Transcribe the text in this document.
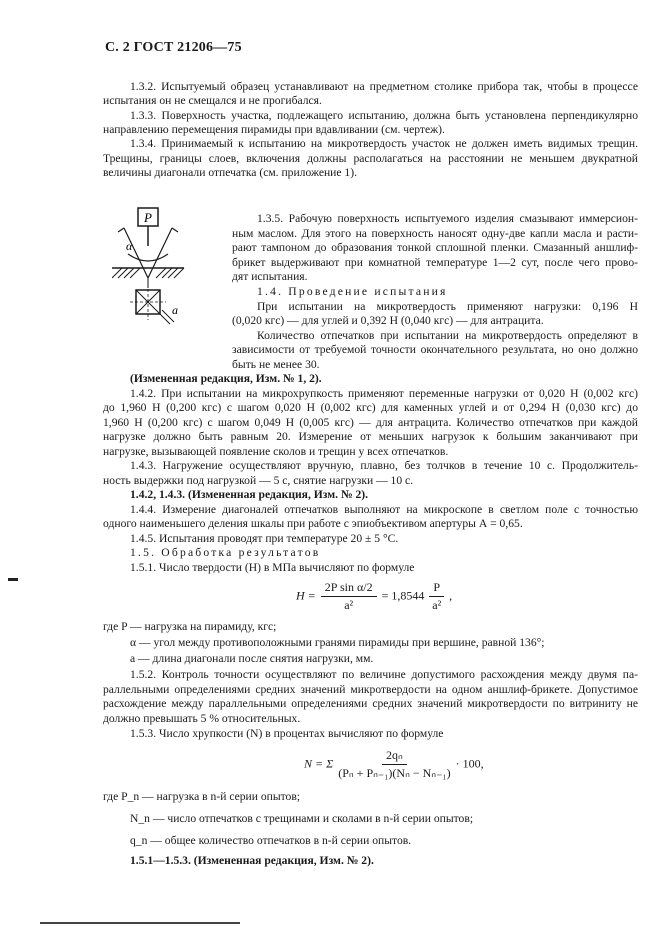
С. 2 ГОСТ 21206—75
1.3.2. Испытуемый образец устанавливают на предметном столике прибора так, чтобы в процессе
испытания он не смещался и не прогибался.
1.3.3. Поверхность участка, подлежащего испытанию, должна быть установлена перпендикулярно
направлению перемещения пирамиды при вдавливании (см. чертеж).
1.3.4. Принимаемый к испытанию на микротвердость участок не должен иметь видимых трещин.
Трещины, границы слоев, включения должны располагаться на расстоянии не меньшем двукратной
величины диагонали отпечатка (см. приложение 1).
P
α
a
1.3.5. Рабочую поверхность испытуемого изделия смазывают иммерсион-
ным маслом. Для этого на поверхность наносят одну-две капли масла и расти-
рают тампоном до образования тонкой сплошной пленки. Смазанный аншлиф-
брикет выдерживают при комнатной температуре 1—2 сут, после чего прово-
дят испытания.
1.4. Проведение испытания
При испытании на микротвердость применяют нагрузки: 0,196 Н
(0,020 кгс) — для углей и 0,392 Н (0,040 кгс) — для антрацита.
Количество отпечатков при испытании на микротвердость определяют в
зависимости от требуемой точности окончательного результата, но оно должно
быть не менее 30.
(Измененная редакция, Изм. № 1, 2).
1.4.2. При испытании на микрохрупкость применяют переменные нагрузки от 0,020 Н (0,002 кгс)
до 1,960 Н (0,200 кгс) с шагом 0,020 Н (0,002 кгс) для каменных углей и от 0,294 Н (0,030 кгс) до
1,960 Н (0,200 кгс) с шагом 0,049 Н (0,005 кгс) — для антрацита. Количество отпечатков при каждой
нагрузке должно быть равным 20. Измерение от меньших нагрузок к большим заканчивают при
нагрузке, вызывающей появление сколов и трещин у всех отпечатков.
1.4.3. Нагружение осуществляют вручную, плавно, без толчков в течение 10 с. Продолжитель-
ность выдержки под нагрузкой — 5 с, снятие нагрузки — 10 с.
1.4.2, 1.4.3. (Измененная редакция, Изм. № 2).
1.4.4. Измерение диагоналей отпечатков выполняют на микроскопе в светлом поле с точностью
одного наименьшего деления шкалы при работе с эпиобъективом апертуры А = 0,65.
1.4.5. Испытания проводят при температуре 20 ± 5 °С.
1.5. Обработка результатов
1.5.1. Число твердости (H) в МПа вычисляют по формуле
$H = \frac{\text{2P sin α/2}}{\text{a²}} = 1,8544 \frac{P}{\text{a²}}$ ,
где P — нагрузка на пирамиду, кгс;
α — угол между противоположными гранями пирамиды при вершине, равной 136°;
a — длина диагонали после снятия нагрузки, мм.
1.5.2. Контроль точности осуществляют по величине допустимого расхождения между двумя па-
раллельными определениями средних значений микротвердости на одном аншлиф-брикете. Допустимое
расхождение между параллельными определениями средних значений микротвердости по витриниту не
должно превышать 5 % относительных.
1.5.3. Число хрупкости (N) в процентах вычисляют по формуле
N = Σ $\frac{\text{2qₙ}}{\text{(Pₙ + Pₙ₋₁)(Nₙ − Nₙ₋₁)}} \cdot 100$,
где P_n — нагрузка в n-й серии опытов;
N_n — число отпечатков с трещинами и сколами в n-й серии опытов;
q_n — общее количество отпечатков в n-й серии опытов.
1.5.1—1.5.3. (Измененная редакция, Изм. № 2).
